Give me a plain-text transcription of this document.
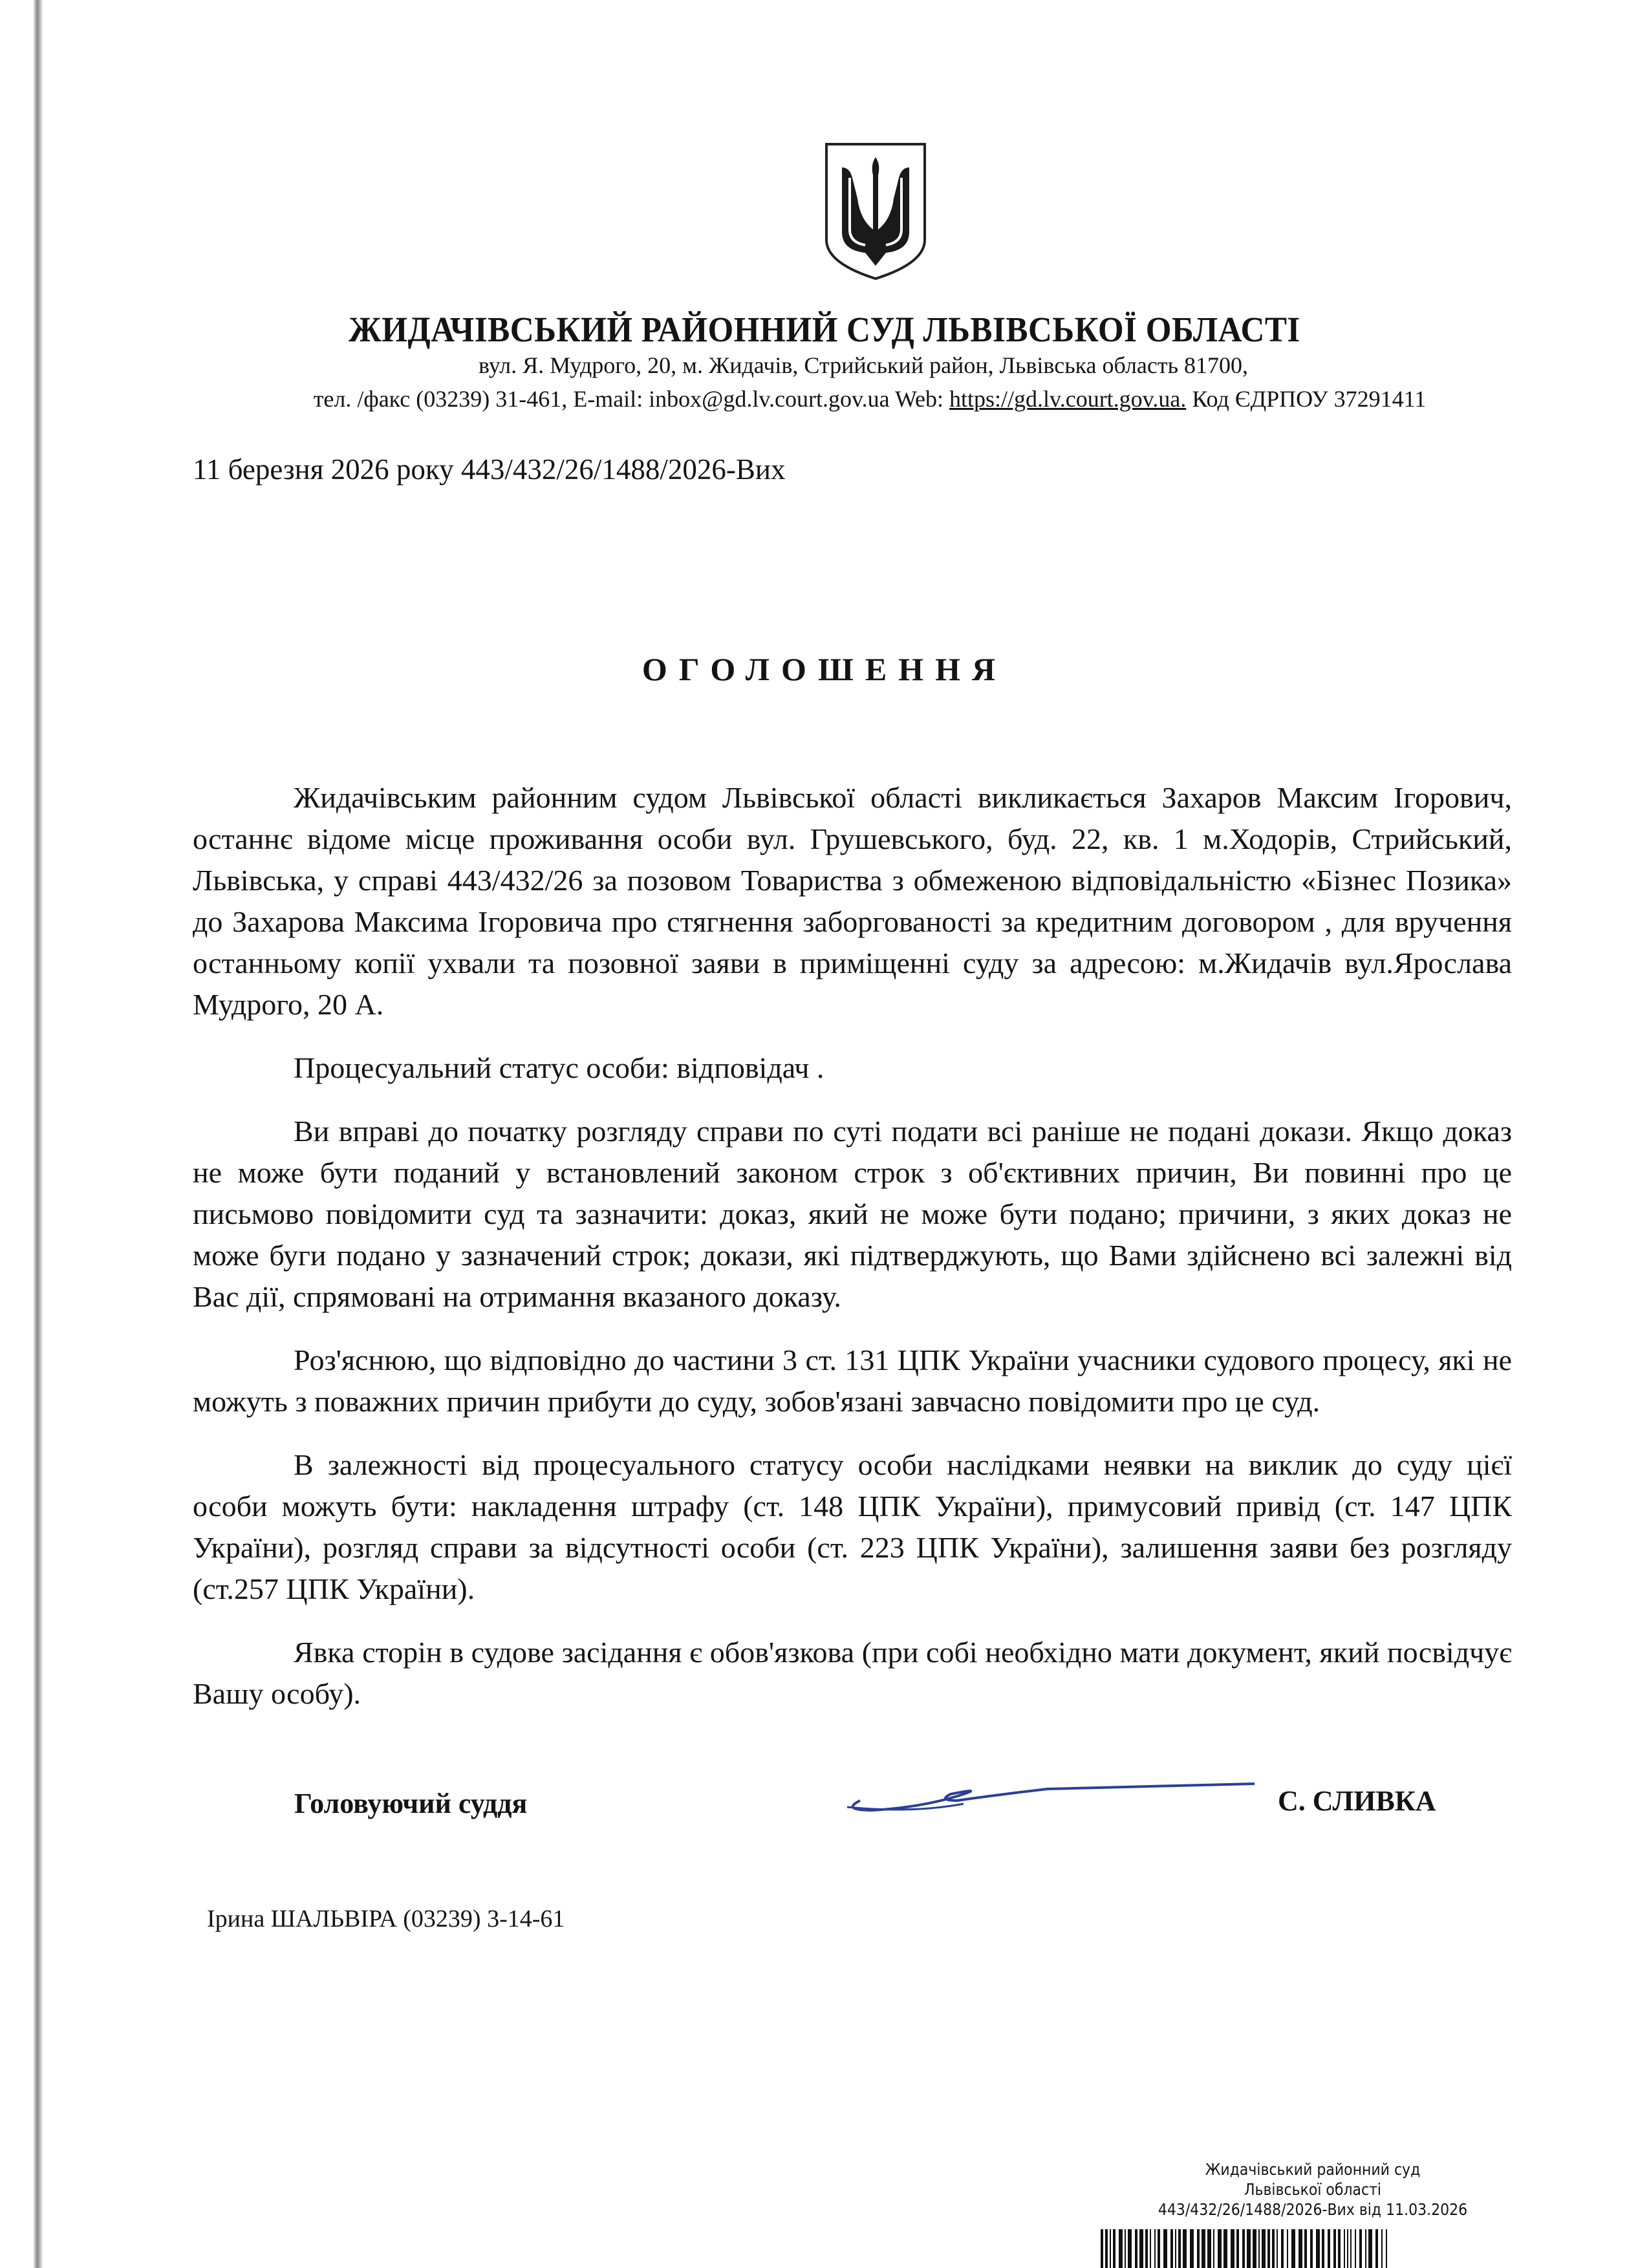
ЖИДАЧІВСЬКИЙ РАЙОННИЙ СУД ЛЬВІВСЬКОЇ ОБЛАСТІ
вул. Я. Мудрого, 20, м. Жидачів, Стрийський район, Львівська область 81700,
тел. /факс (03239) 31-461, E-mail: inbox@gd.lv.court.gov.ua Web: https://gd.lv.court.gov.ua. Код ЄДРПОУ 37291411
11 березня 2026 року 443/432/26/1488/2026-Вих
ОГОЛОШЕННЯ

Жидачівським районним судом Львівської області викликається Захаров Максим Ігорович, останнє відоме місце проживання особи вул. Грушевського, буд. 22, кв. 1 м.Ходорів, Стрийський, Львівська, у справі 443/432/26 за позовом Товариства з обмеженою відповідальністю «Бізнес Позика» до Захарова Максима Ігоровича про стягнення заборгованості за кредитним договором , для вручення останньому копії ухвали та позовної заяви в приміщенні суду за адресою: м.Жидачів вул.Ярослава Мудрого, 20 А.

Процесуальний статус особи: відповідач .

Ви вправі до початку розгляду справи по суті подати всі раніше не подані докази. Якщо доказ не може бути поданий у встановлений законом строк з об'єктивних причин, Ви повинні про це письмово повідомити суд та зазначити: доказ, який не може бути подано; причини, з яких доказ не може буги подано у зазначений строк; докази, які підтверджують, що Вами здійснено всі залежні від Вас дії, спрямовані на отримання вказаного доказу.

Роз'яснюю, що відповідно до частини 3 ст. 131 ЦПК України учасники судового процесу, які не можуть з поважних причин прибути до суду, зобов'язані завчасно повідомити про це суд.

В залежності від процесуального статусу особи наслідками неявки на виклик до суду цієї особи можуть бути: накладення штрафу (ст. 148 ЦПК України), примусовий привід (ст. 147 ЦПК України), розгляд справи за відсутності особи (ст. 223 ЦПК України), залишення заяви без розгляду (ст.257 ЦПК України).

Явка сторін в судове засідання є обов'язкова (при собі необхідно мати документ, який посвідчує Вашу особу).

Головуючий суддя	С. СЛИВКА
Ірина ШАЛЬВІРА (03239) 3-14-61
Жидачівський районний суд
Львівської області
443/432/26/1488/2026-Вих від 11.03.2026
